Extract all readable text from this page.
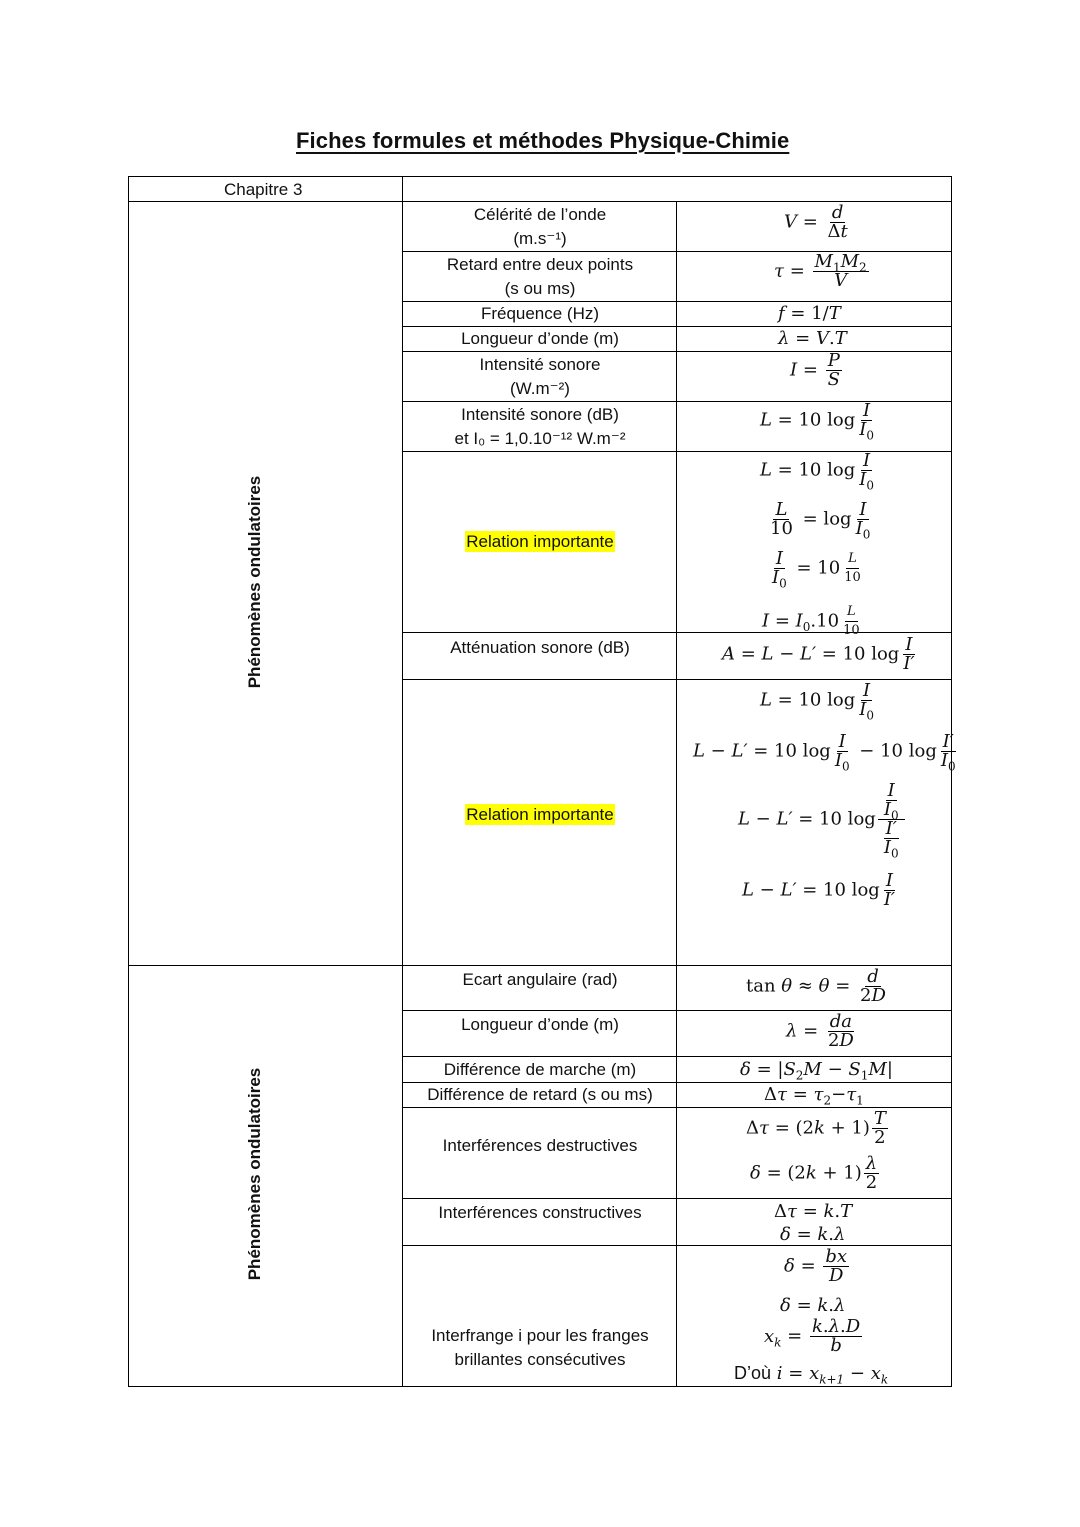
Fiches formules et méthodes Physique-Chimie
Chapitre 3
Phénomènes ondulatoires
Phénomènes ondulatoires
Célérité de l’onde
(m.s⁻¹)
Retard entre deux points
(s ou ms)
Fréquence (Hz)
Longueur d’onde (m)
Intensité sonore
(W.m⁻²)
Intensité sonore (dB)
et I₀ = 1,0.10⁻¹² W.m⁻²
Relation importante
Atténuation sonore (dB)
Relation importante
Ecart angulaire (rad)
Longueur d’onde (m)
Différence de marche (m)
Différence de retard (s ou ms)
Interférences destructives
Interférences constructives
Interfrange i pour les franges
brillantes consécutives
$V = \frac{d}{\Delta t}$
$\tau = \frac{M_1M_2}{V}$
f = 1/T
λ = V.T
$I = \frac{P}{S}$
L = 10 $\log \frac{I}{I_0}$
L = 10 $\log \frac{I}{I_0}$
$\frac{L}{10} = \log \frac{I}{I_0}$
$\frac{I}{I_0} = 10 \frac{L}{10}$
$I = I_0.10 \frac{L}{10}$
A = L − L′ = 10 $\log \frac{I}{I'}$
L = 10 $\log \frac{I}{I_0}$
L − L′ = 10 $\log \frac{I}{I_0} - 10$ $\log \frac{I'}{I_0}$
L − L′ = 10 $\log \frac{\frac{I}{I_0}}{\frac{I'}{I_0}}$
L − L′ = 10 $\log \frac{I}{I'}$
$\tan \theta \approx \theta = \frac{d}{2D}$
$\lambda = \frac{da}{2D}$
$\delta = |S_2M - S_1M|$
$\Delta\tau = \tau_2-\tau_1$
$\Delta\tau = (2k + 1) \frac{T}{2}$
$\delta = (2k + 1) \frac{\lambda}{2}$
Δτ = k.T
δ = k.λ
$\delta = \frac{bx}{D}$
δ = k.λ
$x_k = \frac{k.\lambda.D}{b}$
D’où $i = x_{k+1} - x_k$
